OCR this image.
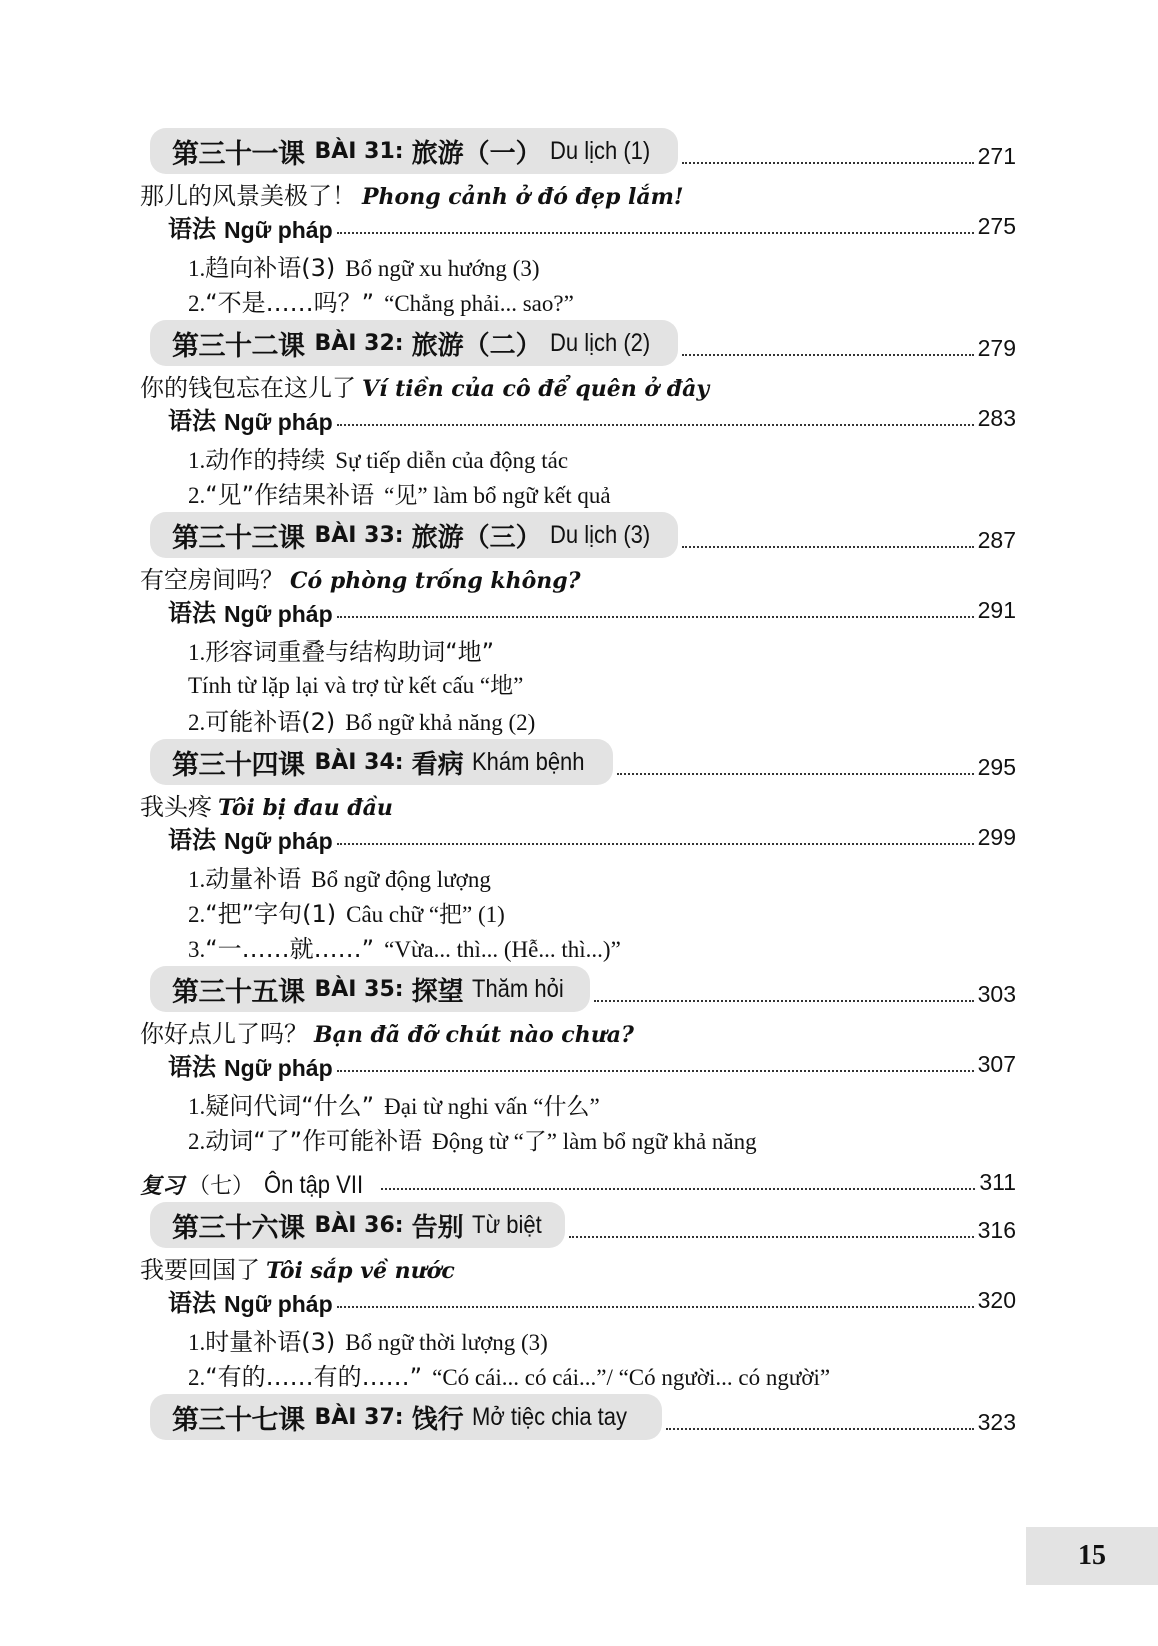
第三十一课 BÀI 31: 旅游（一） Du lịch (1)	271
那儿的风景美极了！ Phong cảnh ở đó đẹp lắm!
语法 Ngữ pháp	275
1.趋向补语(3) Bổ ngữ xu hướng (3)
2.“不是……吗？” “Chẳng phải... sao?”
第三十二课 BÀI 32: 旅游（二） Du lịch (2)	279
你的钱包忘在这儿了 Ví tiền của cô để quên ở đây
语法 Ngữ pháp	283
1.动作的持续 Sự tiếp diễn của động tác
2.“见”作结果补语 “见” làm bổ ngữ kết quả
第三十三课 BÀI 33: 旅游（三） Du lịch (3)	287
有空房间吗？ Có phòng trống không?
语法 Ngữ pháp	291
1.形容词重叠与结构助词“地”
Tính từ lặp lại và trợ từ kết cấu “地”
2.可能补语(2) Bổ ngữ khả năng (2)
第三十四课 BÀI 34: 看病 Khám bệnh	295
我头疼 Tôi bị đau đầu
语法 Ngữ pháp	299
1.动量补语 Bổ ngữ động lượng
2.“把”字句(1) Câu chữ “把” (1)
3.“一……就……” “Vừa... thì... (Hễ... thì...)”
第三十五课 BÀI 35: 探望 Thăm hỏi	303
你好点儿了吗？ Bạn đã đỡ chút nào chưa?
语法 Ngữ pháp	307
1.疑问代词“什么” Đại từ nghi vấn “什么”
2.动词“了”作可能补语 Động từ “了” làm bổ ngữ khả năng
复习 （七） Ôn tập VII	311
第三十六课 BÀI 36: 告别 Từ biệt	316
我要回国了 Tôi sắp về nước
语法 Ngữ pháp	320
1.时量补语(3) Bổ ngữ thời lượng (3)
2.“有的……有的……” “Có cái... có cái...”/ “Có người... có người”
第三十七课 BÀI 37: 饯行 Mở tiệc chia tay	323
15
